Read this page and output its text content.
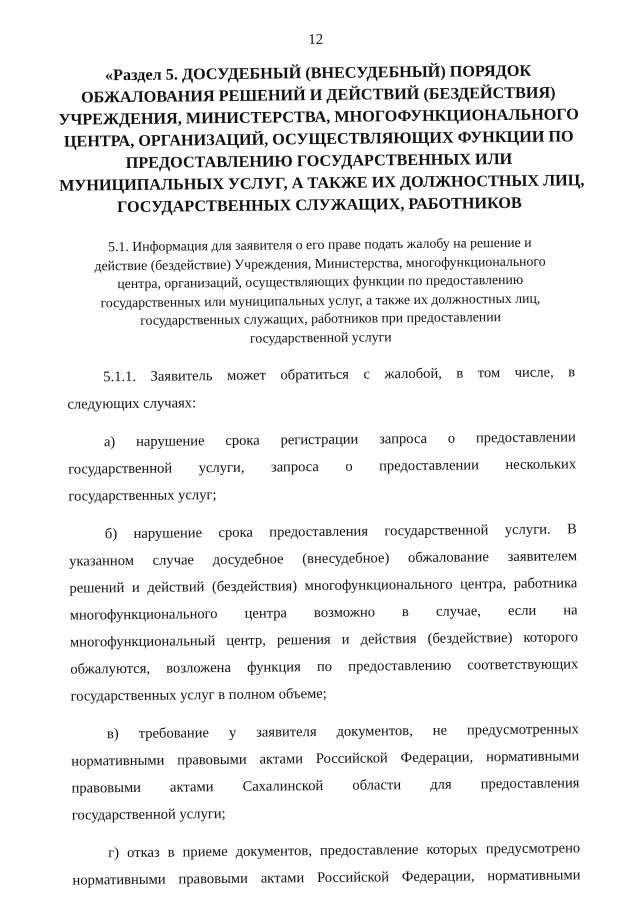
12
«Раздел 5. ДОСУДЕБНЫЙ (ВНЕСУДЕБНЫЙ) ПОРЯДОК
ОБЖАЛОВАНИЯ РЕШЕНИЙ И ДЕЙСТВИЙ (БЕЗДЕЙСТВИЯ)
УЧРЕЖДЕНИЯ, МИНИСТЕРСТВА, МНОГОФУНКЦИОНАЛЬНОГО
ЦЕНТРА, ОРГАНИЗАЦИЙ, ОСУЩЕСТВЛЯЮЩИХ ФУНКЦИИ ПО
ПРЕДОСТАВЛЕНИЮ ГОСУДАРСТВЕННЫХ ИЛИ
МУНИЦИПАЛЬНЫХ УСЛУГ, А ТАКЖЕ ИХ ДОЛЖНОСТНЫХ ЛИЦ,
ГОСУДАРСТВЕННЫХ СЛУЖАЩИХ, РАБОТНИКОВ
5.1. Информация для заявителя о его праве подать жалобу на решение и
действие (бездействие) Учреждения, Министерства, многофункционального
центра, организаций, осуществляющих функции по предоставлению
государственных или муниципальных услуг, а также их должностных лиц,
государственных служащих, работников при предоставлении
государственной услуги
5.1.1. Заявитель может обратиться с жалобой, в том числе, в
следующих случаях:
а) нарушение срока регистрации запроса о предоставлении
государственной услуги, запроса о предоставлении нескольких
государственных услуг;
б) нарушение срока предоставления государственной услуги. В
указанном случае досудебное (внесудебное) обжалование заявителем
решений и действий (бездействия) многофункционального центра, работника
многофункционального центра возможно в случае, если на
многофункциональный центр, решения и действия (бездействие) которого
обжалуются, возложена функция по предоставлению соответствующих
государственных услуг в полном объеме;
в) требование у заявителя документов, не предусмотренных
нормативными правовыми актами Российской Федерации, нормативными
правовыми актами Сахалинской области для предоставления
государственной услуги;
г) отказ в приеме документов, предоставление которых предусмотрено
нормативными правовыми актами Российской Федерации, нормативными
